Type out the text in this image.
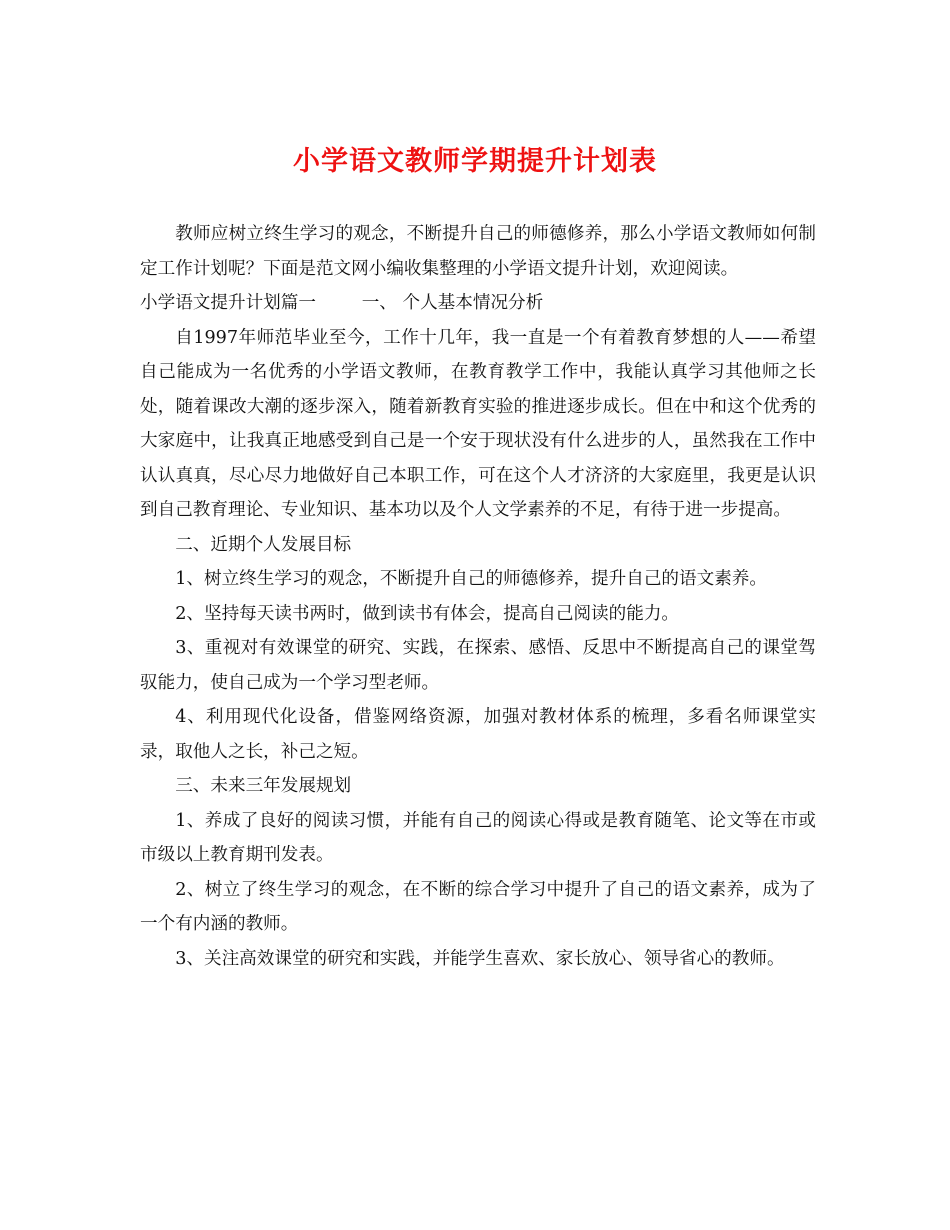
小学语文教师学期提升计划表

教师应树立终生学习的观念，不断提升自己的师德修养，那么小学语文教师如何制定工作计划呢？下面是范文网小编收集整理的小学语文提升计划，欢迎阅读。

小学语文提升计划篇一	一、 个人基本情况分析

自1997年师范毕业至今，工作十几年，我一直是一个有着教育梦想的人——希望自己能成为一名优秀的小学语文教师，在教育教学工作中，我能认真学习其他师之长处，随着课改大潮的逐步深入，随着新教育实验的推进逐步成长。但在中和这个优秀的大家庭中，让我真正地感受到自己是一个安于现状没有什么进步的人，虽然我在工作中认认真真，尽心尽力地做好自己本职工作，可在这个人才济济的大家庭里，我更是认识到自己教育理论、专业知识、基本功以及个人文学素养的不足，有待于进一步提高。

二、近期个人发展目标

1、树立终生学习的观念，不断提升自己的师德修养，提升自己的语文素养。

2、坚持每天读书两时，做到读书有体会，提高自己阅读的能力。

3、重视对有效课堂的研究、实践，在探索、感悟、反思中不断提高自己的课堂驾驭能力，使自己成为一个学习型老师。

4、利用现代化设备，借鉴网络资源，加强对教材体系的梳理，多看名师课堂实录，取他人之长，补己之短。

三、未来三年发展规划

1、养成了良好的阅读习惯，并能有自己的阅读心得或是教育随笔、论文等在市或市级以上教育期刊发表。

2、树立了终生学习的观念，在不断的综合学习中提升了自己的语文素养，成为了一个有内涵的教师。

3、关注高效课堂的研究和实践，并能学生喜欢、家长放心、领导省心的教师。
